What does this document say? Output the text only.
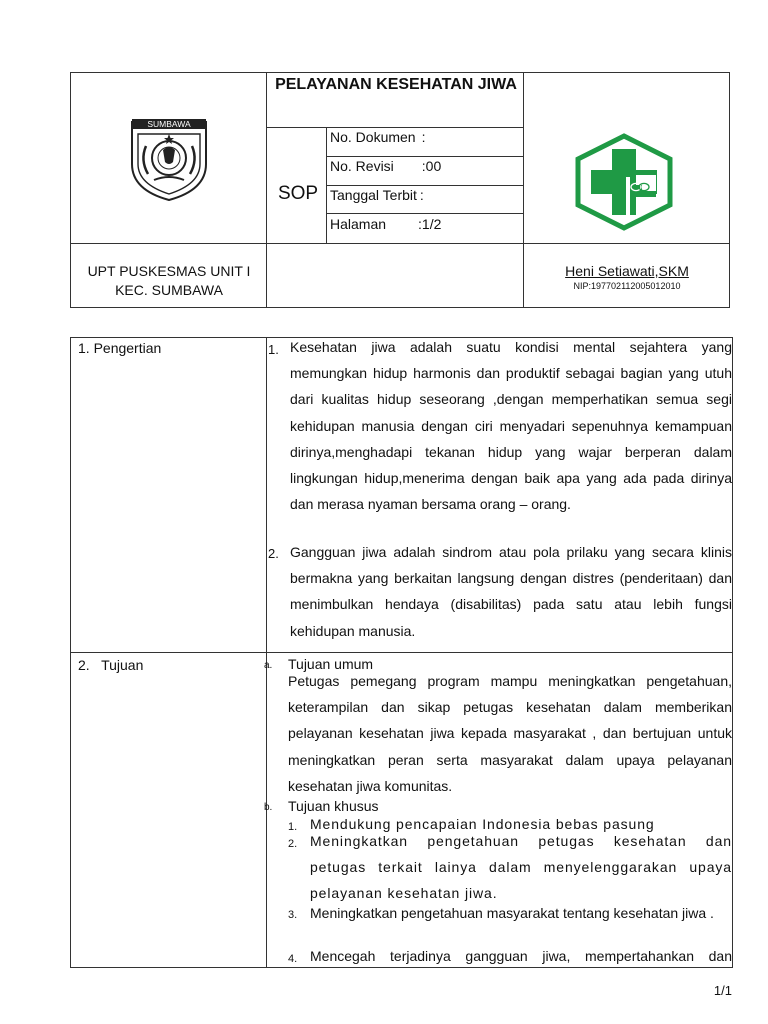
SUMBAWA
PELAYANAN KESEHATAN JIWA
SOP
No. Dokumen :
No. Revisi :00
Tanggal Terbit :
Halaman :1/2
UPT PUSKESMAS UNIT I
KEC. SUMBAWA
Heni Setiawati,SKM
NIP:197702112005012010
1. Pengertian	1. Kesehatan jiwa adalah suatu kondisi mental sejahtera yang memungkan hidup harmonis dan produktif sebagai bagian yang utuh dari kualitas hidup seseorang ,dengan memperhatikan semua segi kehidupan manusia dengan ciri menyadari sepenuhnya kemampuan dirinya,menghadapi tekanan hidup yang wajar berperan dalam lingkungan hidup,menerima dengan baik apa yang ada pada dirinya dan merasa nyaman bersama orang – orang.
2. Gangguan jiwa adalah sindrom atau pola prilaku yang secara klinis bermakna yang berkaitan langsung dengan distres (penderitaan) dan menimbulkan hendaya (disabilitas) pada satu atau lebih fungsi kehidupan manusia.
2.   Tujuan	a. Tujuan umum
Petugas pemegang program mampu meningkatkan pengetahuan, keterampilan dan sikap petugas kesehatan dalam memberikan pelayanan kesehatan jiwa kepada masyarakat , dan bertujuan untuk meningkatkan peran serta masyarakat dalam upaya pelayanan kesehatan jiwa komunitas.
b. Tujuan khusus
1. Mendukung pencapaian Indonesia bebas pasung
2. Meningkatkan pengetahuan petugas kesehatan dan petugas terkait lainya dalam menyelenggarakan upaya pelayanan kesehatan jiwa.
3. Meningkatkan pengetahuan masyarakat tentang kesehatan jiwa .
4. Mencegah terjadinya gangguan jiwa, mempertahankan dan
1/1
